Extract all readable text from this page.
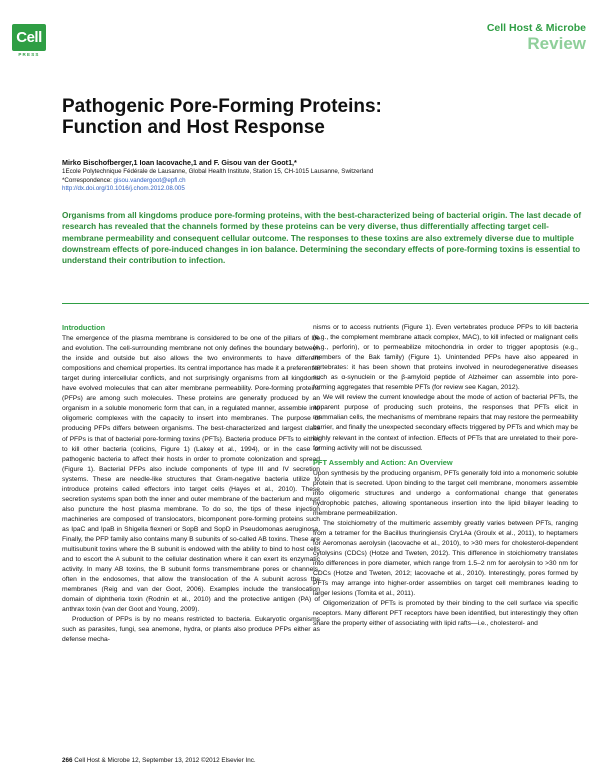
Cell
PRESS
Cell Host & Microbe
Review
Pathogenic Pore-Forming Proteins:
Function and Host Response
Mirko Bischofberger,1 Ioan Iacovache,1 and F. Gisou van der Goot1,*
1Ecole Polytechnique Fédérale de Lausanne, Global Health Institute, Station 15, CH-1015 Lausanne, Switzerland
*Correspondence: gisou.vandergoot@epfl.ch
http://dx.doi.org/10.1016/j.chom.2012.08.005
Organisms from all kingdoms produce pore-forming proteins, with the best-characterized being of bacterial origin. The last decade of research has revealed that the channels formed by these proteins can be very diverse, thus differentially affecting target cell-membrane permeability and consequent cellular outcome. The responses to these toxins are also extremely diverse due to multiple downstream effects of pore-induced changes in ion balance. Determining the secondary effects of pore-forming toxins is essential to understand their contribution to infection.
Introduction

The emergence of the plasma membrane is considered to be one of the pillars of life and evolution. The cell-surrounding membrane not only defines the boundary between the inside and outside but also allows the two environments to have different compositions and chemical properties. Its central importance has made it a preferential target during intercellular conflicts, and not surprisingly organisms from all kingdoms have evolved molecules that can alter membrane permeability. Pore-forming proteins (PFPs) are among such molecules. These proteins are generally produced by an organism in a soluble monomeric form that can, in a regulated manner, assemble into oligomeric complexes with the capacity to insert into membranes. The purpose of producing PFPs differs between organisms. The best-characterized and largest class of PFPs is that of bacterial pore-forming toxins (PFTs). Bacteria produce PFTs to either to kill other bacteria (colicins, Figure 1) (Lakey et al., 1994), or in the case of pathogenic bacteria to affect their hosts in order to promote colonization and spread (Figure 1). Bacterial PFPs also include components of type III and IV secretion systems. These are needle-like structures that Gram-negative bacteria utilize to introduce proteins called effectors into target cells (Hayes et al., 2010). These secretion systems span both the inner and outer membrane of the bacterium and must also puncture the host plasma membrane. To do so, the tips of these injection machineries are composed of translocators, bicomponent pore-forming proteins such as IpaC and IpaB in Shigella flexneri or SopB and SopD in Pseudomonas aeruginosa. Finally, the PFP family also contains many B subunits of so-called AB toxins. These are multisubunit toxins where the B subunit is endowed with the ability to bind to host cells and to escort the A subunit to the cellular destination where it can exert its enzymatic activity. In many AB toxins, the B subunit forms transmembrane pores or channels, often in the endosomes, that allow the translocation of the A subunit across the membranes (Reig and van der Goot, 2006). Examples include the translocation domain of diphtheria toxin (Rodnin et al., 2010) and the protective antigen (PA) of anthrax toxin (van der Goot and Young, 2009).

Production of PFPs is by no means restricted to bacteria. Eukaryotic organisms such as parasites, fungi, sea anemone, hydra, or plants also produce PFPs either as defense mecha-

nisms or to access nutrients (Figure 1). Even vertebrates produce PFPs to kill bacteria (e.g., the complement membrane attack complex, MAC), to kill infected or malignant cells (e.g., perforin), or to permeabilize mitochondria in order to trigger apoptosis (e.g., members of the Bak family) (Figure 1). Unintended PFPs have also appeared in vertebrates: it has been shown that proteins involved in neurodegenerative diseases such as α-synuclein or the β-amyloid peptide of Alzheimer can assemble into pore-forming aggregates that resemble PFTs (for review see Kagan, 2012).

We will review the current knowledge about the mode of action of bacterial PFTs, the apparent purpose of producing such proteins, the responses that PFTs elicit in mammalian cells, the mechanisms of membrane repairs that may restore the permeability barrier, and finally the unexpected secondary effects triggered by PFTs and which may be highly relevant in the context of infection. Effects of PFTs that are unrelated to their pore-forming activity will not be discussed.

PFT Assembly and Action: An Overview

Upon synthesis by the producing organism, PFTs generally fold into a monomeric soluble protein that is secreted. Upon binding to the target cell membrane, monomers assemble into oligomeric structures and undergo a conformational change that generates hydrophobic patches, allowing spontaneous insertion into the lipid bilayer leading to membrane permeabilization.

The stoichiometry of the multimeric assembly greatly varies between PFTs, ranging from a tetramer for the Bacillus thuringiensis Cry1Aa (Groulx et al., 2011), to heptamers for Aeromonas aerolysin (Iacovache et al., 2010), to >30 mers for cholesterol-dependent cytolysins (CDCs) (Hotze and Tweten, 2012). This difference in stoichiometry translates into differences in pore diameter, which range from 1.5–2 nm for aerolysin to >30 nm for CDCs (Hotze and Tweten, 2012; Iacovache et al., 2010). Interestingly, pores formed by PFTs may arrange into higher-order assemblies on target cell membranes leading to larger lesions (Tomita et al., 2011).

Oligomerization of PFTs is promoted by their binding to the cell surface via specific receptors. Many different PFT receptors have been identified, but interestingly they often share the property either of associating with lipid rafts—i.e., cholesterol- and

266 Cell Host & Microbe 12, September 13, 2012 ©2012 Elsevier Inc.
